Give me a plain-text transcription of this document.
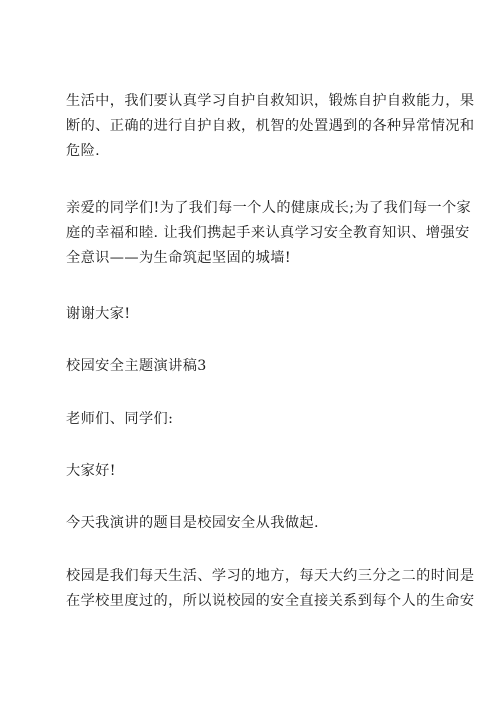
生活中，我们要认真学习自护自救知识，锻炼自护自救能力，果
断的、正确的进行自护自救，机智的处置遇到的各种异常情况和
危险.

亲爱的同学们!为了我们每一个人的健康成长;为了我们每一个家
庭的幸福和睦. 让我们携起手来认真学习安全教育知识、增强安
全意识——为生命筑起坚固的城墙!

谢谢大家!

校园安全主题演讲稿3

老师们、同学们:

大家好!

今天我演讲的题目是校园安全从我做起.

校园是我们每天生活、学习的地方，每天大约三分之二的时间是
在学校里度过的，所以说校园的安全直接关系到每个人的生命安
